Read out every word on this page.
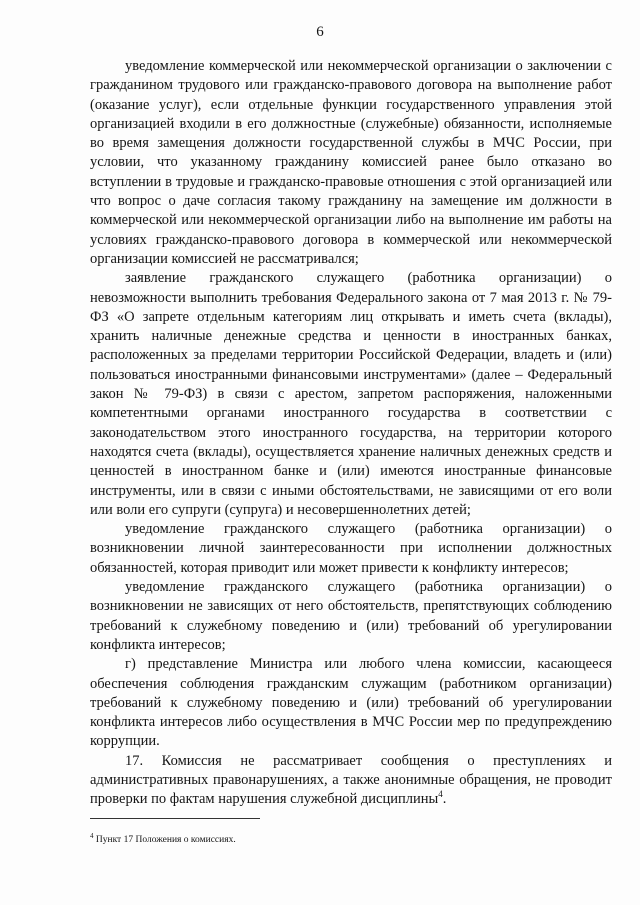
6

уведомление коммерческой или некоммерческой организации о заключении с гражданином трудового или гражданско-правового договора на выполнение работ (оказание услуг), если отдельные функции государственного управления этой организацией входили в его должностные (служебные) обязанности, исполняемые во время замещения должности государственной службы в МЧС России, при условии, что указанному гражданину комиссией ранее было отказано во вступлении в трудовые и гражданско-правовые отношения с этой организацией или что вопрос о даче согласия такому гражданину на замещение им должности в коммерческой или некоммерческой организации либо на выполнение им работы на условиях гражданско-правового договора в коммерческой или некоммерческой организации комиссией не рассматривался;

заявление гражданского служащего (работника организации) о невозможности выполнить требования Федерального закона от 7 мая 2013 г. № 79-ФЗ «О запрете отдельным категориям лиц открывать и иметь счета (вклады), хранить наличные денежные средства и ценности в иностранных банках, расположенных за пределами территории Российской Федерации, владеть и (или) пользоваться иностранными финансовыми инструментами» (далее – Федеральный закон № 79-ФЗ) в связи с арестом, запретом распоряжения, наложенными компетентными органами иностранного государства в соответствии с законодательством этого иностранного государства, на территории которого находятся счета (вклады), осуществляется хранение наличных денежных средств и ценностей в иностранном банке и (или) имеются иностранные финансовые инструменты, или в связи с иными обстоятельствами, не зависящими от его воли или воли его супруги (супруга) и несовершеннолетних детей;

уведомление гражданского служащего (работника организации) о возникновении личной заинтересованности при исполнении должностных обязанностей, которая приводит или может привести к конфликту интересов;

уведомление гражданского служащего (работника организации) о возникновении не зависящих от него обстоятельств, препятствующих соблюдению требований к служебному поведению и (или) требований об урегулировании конфликта интересов;

г) представление Министра или любого члена комиссии, касающееся обеспечения соблюдения гражданским служащим (работником организации) требований к служебному поведению и (или) требований об урегулировании конфликта интересов либо осуществления в МЧС России мер по предупреждению коррупции.

17. Комиссия не рассматривает сообщения о преступлениях и административных правонарушениях, а также анонимные обращения, не проводит проверки по фактам нарушения служебной дисциплины$^4$.

$^4$ Пункт 17 Положения о комиссиях.
